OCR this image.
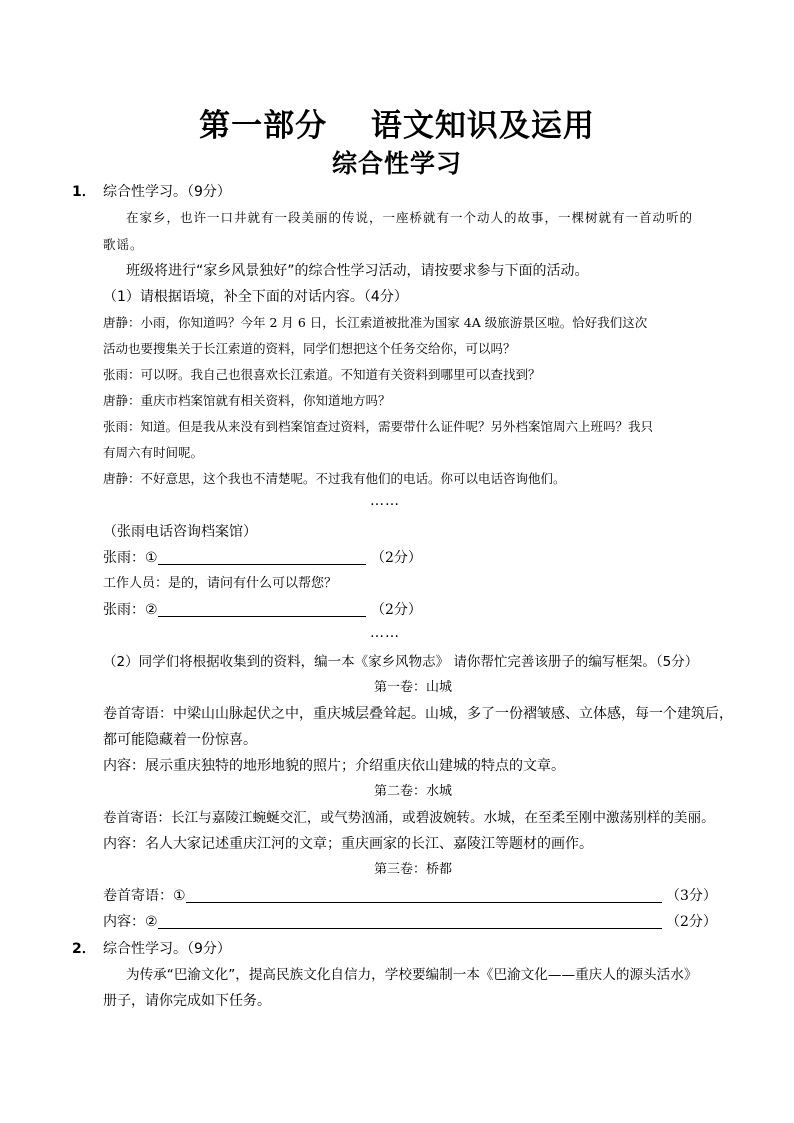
第一部分　 语文知识及运用
综合性学习
1． 综合性学习。（9分）
在家乡，也许一口井就有一段美丽的传说，一座桥就有一个动人的故事，一棵树就有一首动听的
歌谣。
班级将进行“家乡风景独好”的综合性学习活动，请按要求参与下面的活动。
（1）请根据语境，补全下面的对话内容。（4分）
唐静：小雨，你知道吗？今年 2 月 6 日，长江索道被批准为国家 4A 级旅游景区啦。恰好我们这次
活动也要搜集关于长江索道的资料，同学们想把这个任务交给你，可以吗？
张雨：可以呀。我自己也很喜欢长江索道。不知道有关资料到哪里可以查找到？
唐静：重庆市档案馆就有相关资料，你知道地方吗？
张雨：知道。但是我从来没有到档案馆查过资料，需要带什么证件呢？另外档案馆周六上班吗？我只
有周六有时间呢。
唐静：不好意思，这个我也不清楚呢。不过我有他们的电话。你可以电话咨询他们。
……
（张雨电话咨询档案馆）
张雨：①	（2分）
工作人员：是的，请问有什么可以帮您？
张雨：②	（2分）
……
（2）同学们将根据收集到的资料，编一本《家乡风物志》 请你帮忙完善该册子的编写框架。（5分）
第一卷：山城
卷首寄语：中梁山山脉起伏之中，重庆城层叠耸起。山城，多了一份褶皱感、立体感，每一个建筑后，
都可能隐藏着一份惊喜。
内容：展示重庆独特的地形地貌的照片；介绍重庆依山建城的特点的文章。
第二卷：水城
卷首寄语：长江与嘉陵江蜿蜒交汇，或气势汹涌，或碧波婉转。水城，在至柔至刚中激荡别样的美丽。
内容：名人大家记述重庆江河的文章；重庆画家的长江、嘉陵江等题材的画作。
第三卷：桥都
卷首寄语：①	（3分）
内容：②	（2分）
2． 综合性学习。（9分）
为传承“巴渝文化”，提高民族文化自信力，学校要编制一本《巴渝文化——重庆人的源头活水》
册子，请你完成如下任务。
